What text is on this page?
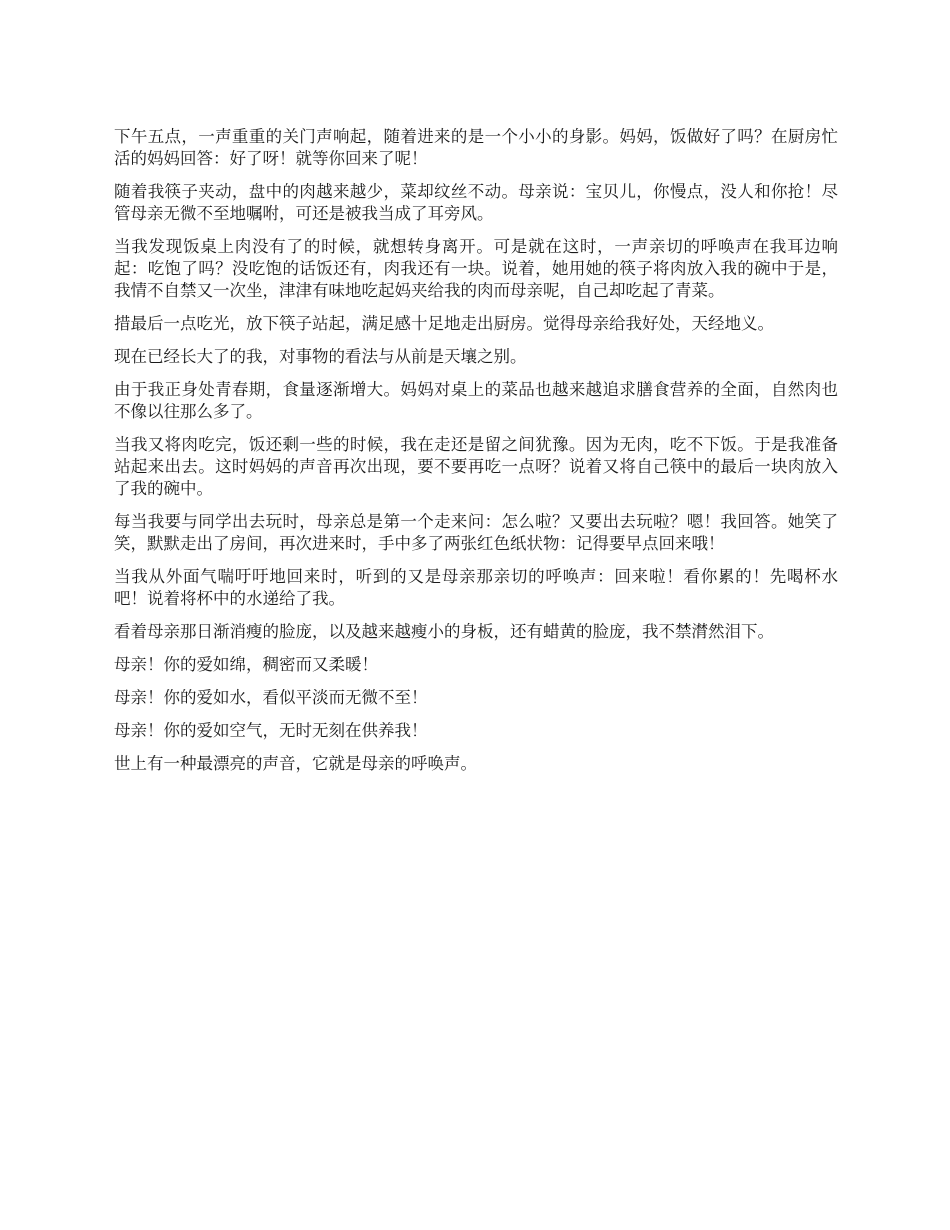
下午五点，一声重重的关门声响起，随着进来的是一个小小的身影。妈妈，饭做好了吗？在厨房忙活的妈妈回答：好了呀！就等你回来了呢！

随着我筷子夹动，盘中的肉越来越少，菜却纹丝不动。母亲说：宝贝儿，你慢点，没人和你抢！尽管母亲无微不至地嘱咐，可还是被我当成了耳旁风。

当我发现饭桌上肉没有了的时候，就想转身离开。可是就在这时，一声亲切的呼唤声在我耳边响起：吃饱了吗？没吃饱的话饭还有，肉我还有一块。说着，她用她的筷子将肉放入我的碗中于是，我情不自禁又一次坐，津津有味地吃起妈夹给我的肉而母亲呢，自己却吃起了青菜。

措最后一点吃光，放下筷子站起，满足感十足地走出厨房。觉得母亲给我好处，天经地义。

现在已经长大了的我，对事物的看法与从前是天壤之别。

由于我正身处青春期，食量逐渐增大。妈妈对桌上的菜品也越来越追求膳食营养的全面，自然肉也不像以往那么多了。

当我又将肉吃完，饭还剩一些的时候，我在走还是留之间犹豫。因为无肉，吃不下饭。于是我准备站起来出去。这时妈妈的声音再次出现，要不要再吃一点呀？说着又将自己筷中的最后一块肉放入了我的碗中。

每当我要与同学出去玩时，母亲总是第一个走来问：怎么啦？又要出去玩啦？嗯！我回答。她笑了笑，默默走出了房间，再次进来时，手中多了两张红色纸状物：记得要早点回来哦！

当我从外面气喘吁吁地回来时，听到的又是母亲那亲切的呼唤声：回来啦！看你累的！先喝杯水吧！说着将杯中的水递给了我。

看着母亲那日渐消瘦的脸庞，以及越来越瘦小的身板，还有蜡黄的脸庞，我不禁潸然泪下。

母亲！你的爱如绵，稠密而又柔暖！

母亲！你的爱如水，看似平淡而无微不至！

母亲！你的爱如空气，无时无刻在供养我！

世上有一种最漂亮的声音，它就是母亲的呼唤声。
